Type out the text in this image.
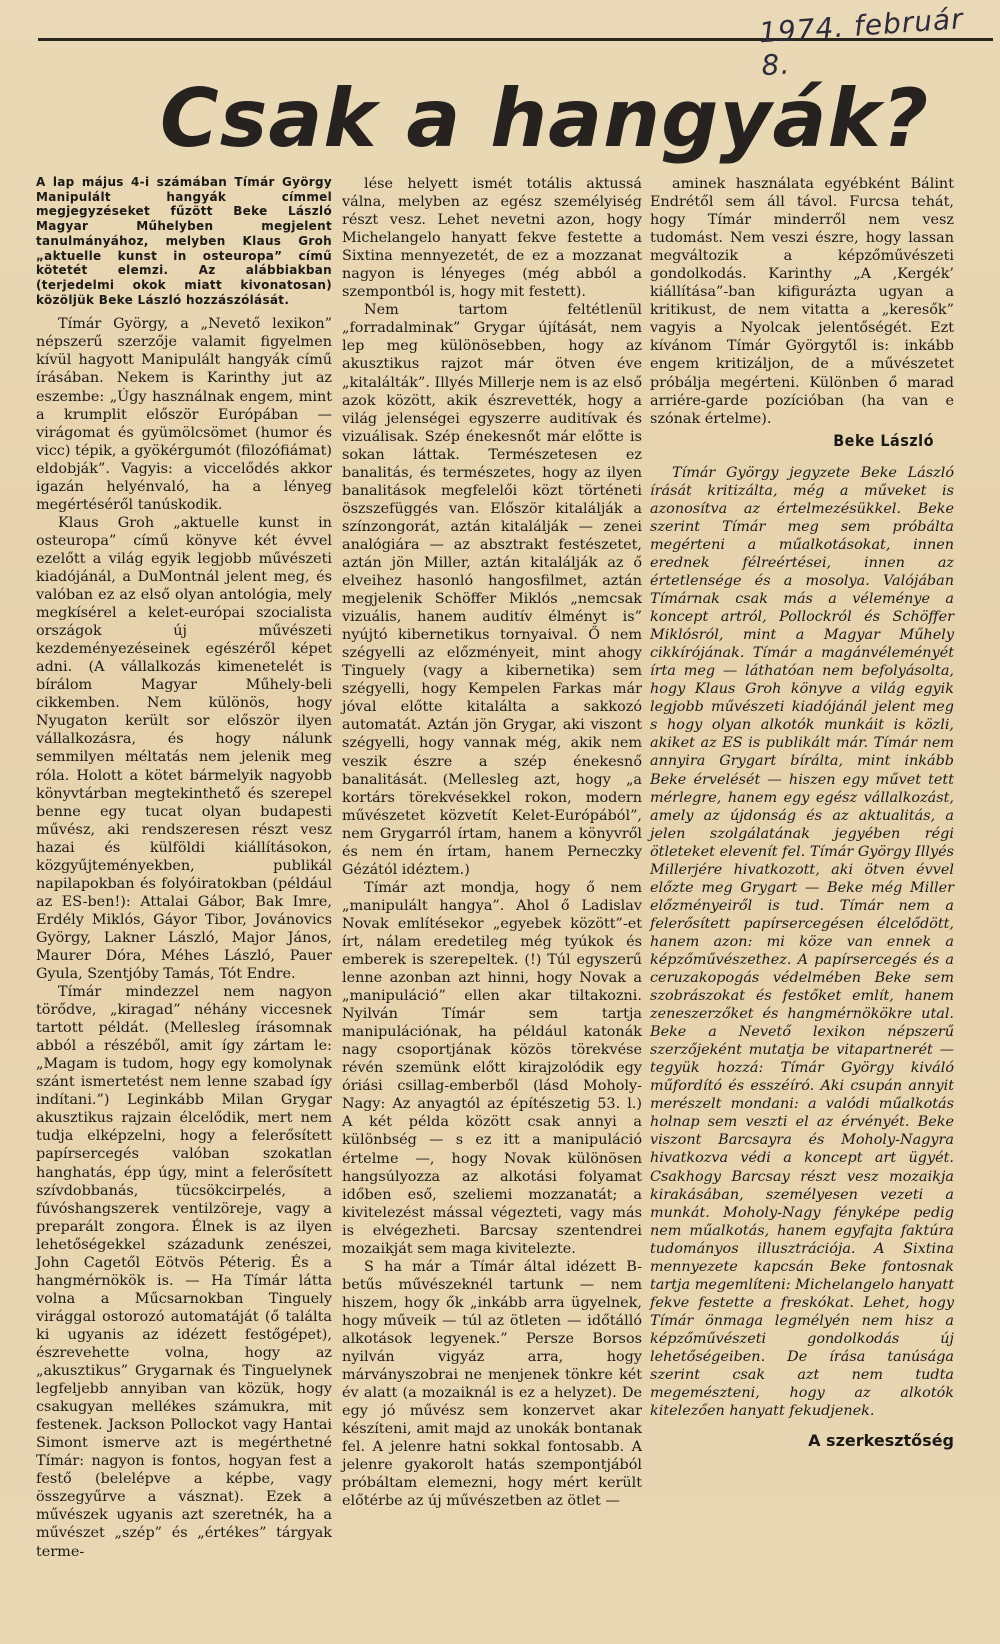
1974. február 8.
Csak a hangyák?
A lap május 4-i számában Tímár György Manipulált hangyák címmel megjegyzéseket fűzött Beke László Magyar Műhelyben megjelent tanulmányához, melyben Klaus Groh „aktuelle kunst in osteuropa” című kötetét elemzi. Az alábbiakban (terjedelmi okok miatt kivonatosan) közöljük Beke László hozzászólását.

Tímár György, a „Nevető lexikon” népszerű szerzője valamit figyelmen kívül hagyott Manipulált hangyák című írásában. Nekem is Karinthy jut az eszembe: „Úgy használnak engem, mint a krumplit először Európában — virágomat és gyümölcsömet (humor és vicc) tépik, a gyökérgumót (filozófiámat) eldobják”. Vagyis: a viccelődés akkor igazán helyénvaló, ha a lényeg megértéséről tanúskodik.

Klaus Groh „aktuelle kunst in osteuropa” című könyve két évvel ezelőtt a világ egyik legjobb művészeti kiadójánál, a DuMontnál jelent meg, és valóban ez az első olyan antológia, mely megkísérel a kelet-európai szocialista országok új művészeti kezdeményezéseinek egészéről képet adni. (A vállalkozás kimenetelét is bírálom Magyar Műhely-beli cikkemben. Nem különös, hogy Nyugaton került sor először ilyen vállalkozásra, és hogy nálunk semmilyen méltatás nem jelenik meg róla. Holott a kötet bármelyik nagyobb könyvtárban megtekinthető és szerepel benne egy tucat olyan budapesti művész, aki rendszeresen részt vesz hazai és külföldi kiállításokon, közgyűjteményekben, publikál napilapokban és folyóiratokban (például az ES-ben!): Attalai Gábor, Bak Imre, Erdély Miklós, Gáyor Tibor, Jovánovics György, Lakner László, Major János, Maurer Dóra, Méhes László, Pauer Gyula, Szentjóby Tamás, Tót Endre.

Tímár mindezzel nem nagyon törődve, „kiragad” néhány viccesnek tartott példát. (Mellesleg írásomnak abból a részéből, amit így zártam le: „Magam is tudom, hogy egy komolynak szánt ismertetést nem lenne szabad így indítani.”) Leginkább Milan Grygar akusztikus rajzain élcelődik, mert nem tudja elképzelni, hogy a felerősített papírsercegés valóban szokatlan hanghatás, épp úgy, mint a felerősített szívdobbanás, tücsökcirpelés, a fúvóshangszerek ventilzöreje, vagy a preparált zongora. Élnek is az ilyen lehetőségekkel századunk zenészei, John Cagetől Eötvös Péterig. És a hangmérnökök is. — Ha Tímár látta volna a Műcsarnokban Tinguely virággal ostorozó automatáját (ő találta ki ugyanis az idézett festőgépet), észrevehette volna, hogy az „akusztikus” Grygarnak és Tinguelynek legfeljebb annyiban van közük, hogy csakugyan mellékes számukra, mit festenek. Jackson Pollockot vagy Hantai Simont ismerve azt is megérthetné Tímár: nagyon is fontos, hogyan fest a festő (belelépve a képbe, vagy összegyűrve a vásznat). Ezek a művészek ugyanis azt szeretnék, ha a művészet „szép” és „értékes” tárgyak terme-

lése helyett ismét totális aktussá válna, melyben az egész személyiség részt vesz. Lehet nevetni azon, hogy Michelangelo hanyatt fekve festette a Sixtina mennyezetét, de ez a mozzanat nagyon is lényeges (még abból a szempontból is, hogy mit festett).

Nem tartom feltétlenül „forradalminak” Grygar újítását, nem lep meg különösebben, hogy az akusztikus rajzot már ötven éve „kitalálták”. Illyés Millerje nem is az első azok között, akik észrevették, hogy a világ jelenségei egyszerre auditívak és vizuálisak. Szép énekesnőt már előtte is sokan láttak. Természetesen ez banalitás, és természetes, hogy az ilyen banalitások megfelelői közt történeti öszszefüggés van. Először kitalálják a színzongorát, aztán kitalálják — zenei analógiára — az absztrakt festészetet, aztán jön Miller, aztán kitalálják az ő elveihez hasonló hangosfilmet, aztán megjelenik Schöffer Miklós „nemcsak vizuális, hanem auditív élményt is” nyújtó kibernetikus tornyaival. Ő nem szégyelli az előzményeit, mint ahogy Tinguely (vagy a kibernetika) sem szégyelli, hogy Kempelen Farkas már jóval előtte kitalálta a sakkozó automatát. Aztán jön Grygar, aki viszont szégyelli, hogy vannak még, akik nem veszik észre a szép énekesnő banalitását. (Mellesleg azt, hogy „a kortárs törekvésekkel rokon, modern művészetet közvetít Kelet-Európából”, nem Grygarról írtam, hanem a könyvről és nem én írtam, hanem Perneczky Gézától idéztem.)

Tímár azt mondja, hogy ő nem „manipulált hangya”. Ahol ő Ladislav Novak említésekor „egyebek között”-et írt, nálam eredetileg még tyúkok és emberek is szerepeltek. (!) Túl egyszerű lenne azonban azt hinni, hogy Novak a „manipuláció” ellen akar tiltakozni. Nyilván Tímár sem tartja manipulációnak, ha például katonák nagy csoportjának közös törekvése révén szemünk előtt kirajzolódik egy óriási csillag-emberből (lásd Moholy-Nagy: Az anyagtól az építészetig 53. l.) A két példa között csak annyi a különbség — s ez itt a manipuláció értelme —, hogy Novak különösen hangsúlyozza az alkotási folyamat időben eső, szeliemi mozzanatát; a kivitelezést mással végezteti, vagy más is elvégezheti. Barcsay szentendrei mozaikját sem maga kivitelezte.

S ha már a Tímár által idézett B-betűs művészeknél tartunk — nem hiszem, hogy ők „inkább arra ügyelnek, hogy műveik — túl az ötleten — időtálló alkotások legyenek.” Persze Borsos nyilván vigyáz arra, hogy márványszobrai ne menjenek tönkre két év alatt (a mozaiknál is ez a helyzet). De egy jó művész sem konzervet akar készíteni, amit majd az unokák bontanak fel. A jelenre hatni sokkal fontosabb. A jelenre gyakorolt hatás szempontjából próbáltam elemezni, hogy mért került előtérbe az új művészetben az ötlet —

aminek használata egyébként Bálint Endrétől sem áll távol. Furcsa tehát, hogy Tímár minderről nem vesz tudomást. Nem veszi észre, hogy lassan megváltozik a képzőművészeti gondolkodás. Karinthy „A ,Kergék’ kiállítása”-ban kifigurázta ugyan a kritikust, de nem vitatta a „keresők” vagyis a Nyolcak jelentőségét. Ezt kívánom Tímár Györgytől is: inkább engem kritizáljon, de a művészetet próbálja megérteni. Különben ő marad arriére-garde pozícióban (ha van e szónak értelme).

Beke László

Tímár György jegyzete Beke László írását kritizálta, még a műveket is azonosítva az értelmezésükkel. Beke szerint Tímár meg sem próbálta megérteni a műalkotásokat, innen erednek félreértései, innen az értetlensége és a mosolya. Valójában Tímárnak csak más a véleménye a koncept artról, Pollockról és Schöffer Miklósról, mint a Magyar Műhely cikkírójának. Tímár a magánvéleményét írta meg — láthatóan nem befolyásolta, hogy Klaus Groh könyve a világ egyik legjobb művészeti kiadójánál jelent meg s hogy olyan alkotók munkáit is közli, akiket az ES is publikált már. Tímár nem annyira Grygart bírálta, mint inkább Beke érvelését — hiszen egy művet tett mérlegre, hanem egy egész vállalkozást, amely az újdonság és az aktualitás, a jelen szolgálatának jegyében régi ötleteket elevenít fel. Tímár György Illyés Millerjére hivatkozott, aki ötven évvel előzte meg Grygart — Beke még Miller előzményeiről is tud. Tímár nem a felerősített papírsercegésen élcelődött, hanem azon: mi köze van ennek a képzőművészethez. A papírsercegés és a ceruzakopogás védelmében Beke sem szobrászokat és festőket említ, hanem zeneszerzőket és hangmérnökökre utal. Beke a Nevető lexikon népszerű szerzőjeként mutatja be vitapartnerét — tegyük hozzá: Tímár György kiváló műfordító és esszéíró. Aki csupán annyit merészelt mondani: a valódi műalkotás holnap sem veszti el az érvényét. Beke viszont Barcsayra és Moholy-Nagyra hivatkozva védi a koncept art ügyét. Csakhogy Barcsay részt vesz mozaikja kirakásában, személyesen vezeti a munkát. Moholy-Nagy fényképe pedig nem műalkotás, hanem egyfajta faktúra tudományos illusztrációja. A Sixtina mennyezete kapcsán Beke fontosnak tartja megemlíteni: Michelangelo hanyatt fekve festette a freskókat. Lehet, hogy Tímár önmaga legmélyén nem hisz a képzőművészeti gondolkodás új lehetőségeiben. De írása tanúsága szerint csak azt nem tudta megemészteni, hogy az alkotók kitelezően hanyatt fekudjenek.

A szerkesztőség
